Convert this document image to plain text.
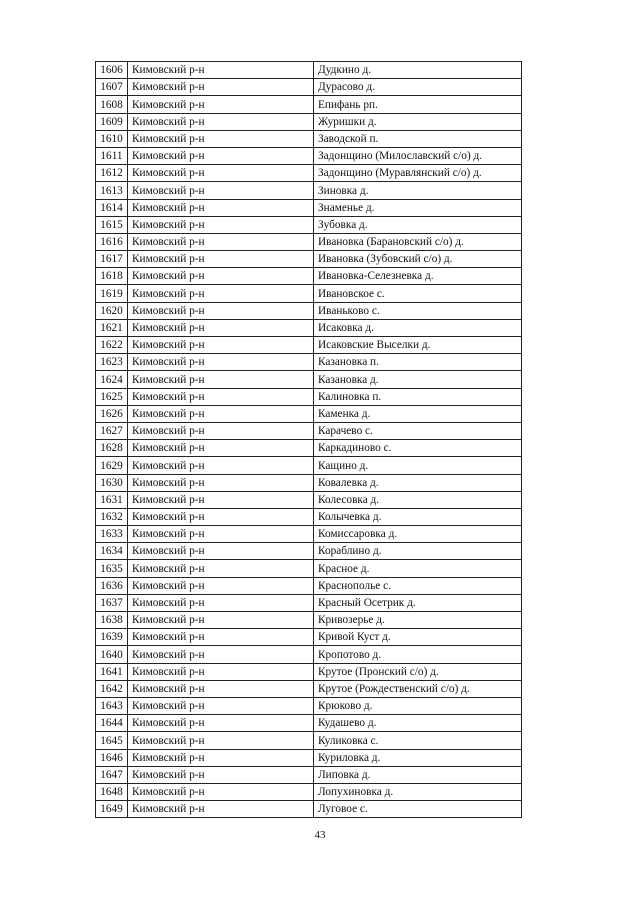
1606	Кимовский р-н	Дудкино д.
1607	Кимовский р-н	Дурасово д.
1608	Кимовский р-н	Епифань рп.
1609	Кимовский р-н	Журишки д.
1610	Кимовский р-н	Заводской п.
1611	Кимовский р-н	Задонщино (Милославский с/о) д.
1612	Кимовский р-н	Задонщино (Муравлянский с/о) д.
1613	Кимовский р-н	Зиновка д.
1614	Кимовский р-н	Знаменье д.
1615	Кимовский р-н	Зубовка д.
1616	Кимовский р-н	Ивановка (Барановский с/о) д.
1617	Кимовский р-н	Ивановка (Зубовский с/о) д.
1618	Кимовский р-н	Ивановка-Селезневка д.
1619	Кимовский р-н	Ивановское с.
1620	Кимовский р-н	Иваньково с.
1621	Кимовский р-н	Исаковка д.
1622	Кимовский р-н	Исаковские Выселки д.
1623	Кимовский р-н	Казановка п.
1624	Кимовский р-н	Казановка д.
1625	Кимовский р-н	Калиновка п.
1626	Кимовский р-н	Каменка д.
1627	Кимовский р-н	Карачево с.
1628	Кимовский р-н	Каркадиново с.
1629	Кимовский р-н	Кащино д.
1630	Кимовский р-н	Ковалевка д.
1631	Кимовский р-н	Колесовка д.
1632	Кимовский р-н	Колычевка д.
1633	Кимовский р-н	Комиссаровка д.
1634	Кимовский р-н	Кораблино д.
1635	Кимовский р-н	Красное д.
1636	Кимовский р-н	Краснополье с.
1637	Кимовский р-н	Красный Осетрик д.
1638	Кимовский р-н	Кривозерье д.
1639	Кимовский р-н	Кривой Куст д.
1640	Кимовский р-н	Кропотово д.
1641	Кимовский р-н	Крутое (Пронский с/о) д.
1642	Кимовский р-н	Крутое (Рождественский с/о) д.
1643	Кимовский р-н	Крюково д.
1644	Кимовский р-н	Кудашево д.
1645	Кимовский р-н	Куликовка с.
1646	Кимовский р-н	Куриловка д.
1647	Кимовский р-н	Липовка д.
1648	Кимовский р-н	Лопухиновка д.
1649	Кимовский р-н	Луговое с.
43
